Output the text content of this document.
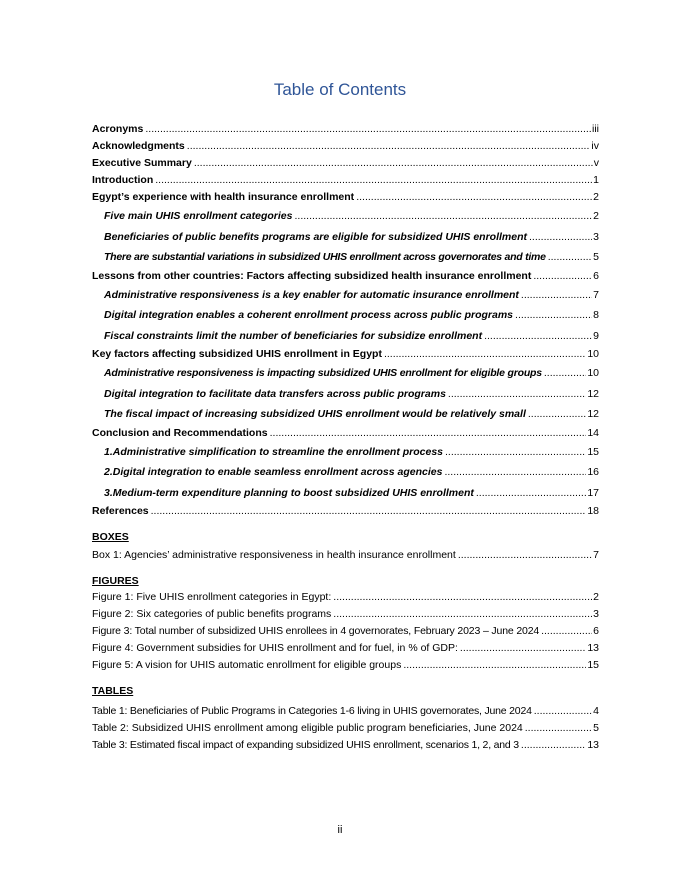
Table of Contents
Acronyms .....	iii
Acknowledgments .....	iv
Executive Summary .....	v
Introduction .....	1
Egypt’s experience with health insurance enrollment .....	2
Five main UHIS enrollment categories .....	2
Beneficiaries of public benefits programs are eligible for subsidized UHIS enrollment .....	3
There are substantial variations in subsidized UHIS enrollment across governorates and time .....	5
Lessons from other countries: Factors affecting subsidized health insurance enrollment .....	6
Administrative responsiveness is a key enabler for automatic insurance enrollment .....	7
Digital integration enables a coherent enrollment process across public programs .....	8
Fiscal constraints limit the number of beneficiaries for subsidize enrollment .....	9
Key factors affecting subsidized UHIS enrollment in Egypt .....	10
Administrative responsiveness is impacting subsidized UHIS enrollment for eligible groups .....	10
Digital integration to facilitate data transfers across public programs .....	12
The fiscal impact of increasing subsidized UHIS enrollment would be relatively small .....	12
Conclusion and Recommendations .....	14
1. Administrative simplification to streamline the enrollment process .....	15
2. Digital integration to enable seamless enrollment across agencies .....	16
3. Medium-term expenditure planning to boost subsidized UHIS enrollment .....	17
References .....	18
BOXES
Box 1: Agencies’ administrative responsiveness in health insurance enrollment .....	7
FIGURES
Figure 1: Five UHIS enrollment categories in Egypt: .....	2
Figure 2: Six categories of public benefits programs .....	3
Figure 3: Total number of subsidized UHIS enrollees in 4 governorates, February 2023 – June 2024 .....	6
Figure 4: Government subsidies for UHIS enrollment and for fuel, in % of GDP: .....	13
Figure 5: A vision for UHIS automatic enrollment for eligible groups .....	15
TABLES
Table 1: Beneficiaries of Public Programs in Categories 1-6 living in UHIS governorates, June 2024 .....	4
Table 2: Subsidized UHIS enrollment among eligible public program beneficiaries, June 2024 .....	5
Table 3: Estimated fiscal impact of expanding subsidized UHIS enrollment, scenarios 1, 2, and 3 .....	13
ii
